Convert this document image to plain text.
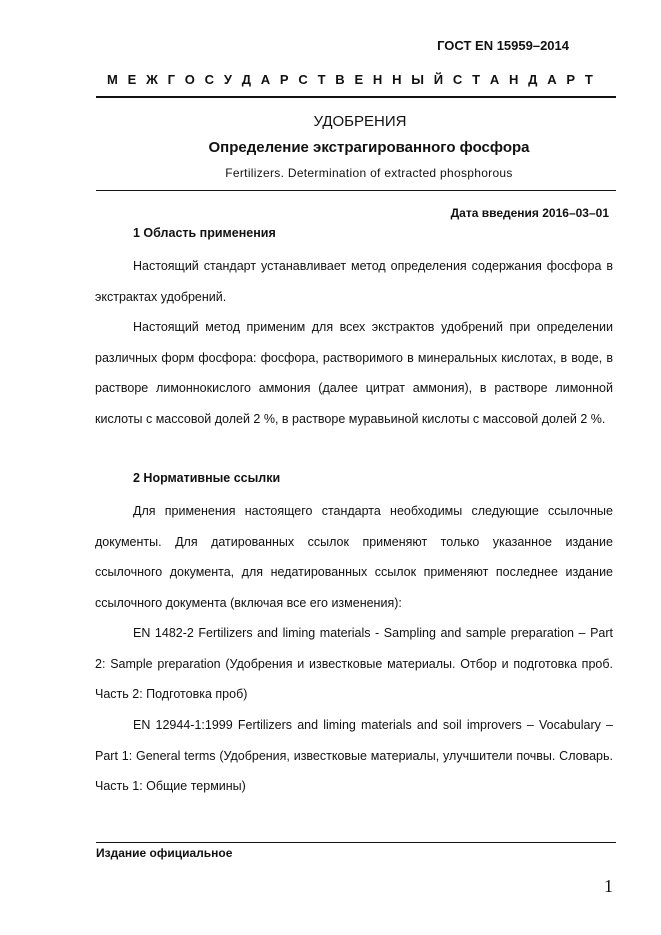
ГОСТ EN 15959–2014
М Е Ж Г О С У Д А Р С Т В Е Н Н Ы Й С Т А Н Д А Р Т
УДОБРЕНИЯ
Определение экстрагированного фосфора
Fertilizers. Determination of extracted phosphorous
Дата введения 2016–03–01
1 Область применения
Настоящий стандарт устанавливает метод определения содержания фосфора в экстрактах удобрений.
Настоящий метод применим для всех экстрактов удобрений при определении различных форм фосфора: фосфора, растворимого в минеральных кислотах, в воде, в растворе лимоннокислого аммония (далее цитрат аммония), в растворе лимонной кислоты с массовой долей 2 %, в растворе муравьиной кислоты с массовой долей 2 %.
2 Нормативные ссылки
Для применения настоящего стандарта необходимы следующие ссылочные документы. Для датированных ссылок применяют только указанное издание ссылочного документа, для недатированных ссылок применяют последнее издание ссылочного документа (включая все его изменения):
EN 1482-2 Fertilizers and liming materials - Sampling and sample preparation – Part 2: Sample preparation (Удобрения и известковые материалы. Отбор и подготовка проб. Часть 2: Подготовка проб)
EN 12944-1:1999 Fertilizers and liming materials and soil improvers – Vocabulary – Part 1: General terms (Удобрения, известковые материалы, улучшители почвы. Словарь. Часть 1: Общие термины)
Издание официальное
1
